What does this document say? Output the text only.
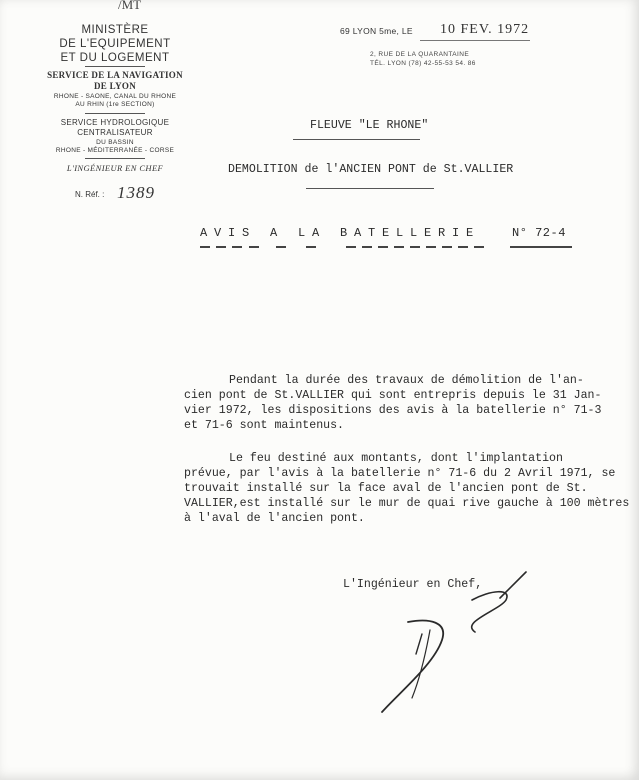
/MT
MINISTÈRE
DE L'EQUIPEMENT
ET DU LOGEMENT
SERVICE DE LA NAVIGATION
DE LYON
RHONE - SAONE, CANAL DU RHONE
AU RHIN (1re SECTION)
SERVICE HYDROLOGIQUE
CENTRALISATEUR
DU BASSIN
RHONE - MÉDITERRANÉE - CORSE
L'INGÉNIEUR EN CHEF
N. Réf. : 1389
69 LYON 5me, LE 10 FEV. 1972
2, RUE DE LA QUARANTAINE
TÉL. LYON (78) 42-55-53 54. 86
FLEUVE "LE RHONE"
DEMOLITION de l'ANCIEN PONT de St.VALLIER
AVIS A LA BATELLERIE	N° 72-4
Pendant la durée des travaux de démolition de l'an-
cien pont de St.VALLIER qui sont entrepris depuis le 31 Jan-
vier 1972, les dispositions des avis à la batellerie n° 71-3
et 71-6 sont maintenus.
Le feu destiné aux montants, dont l'implantation
prévue, par l'avis à la batellerie n° 71-6 du 2 Avril 1971, se
trouvait installé sur la face aval de l'ancien pont de St.
VALLIER,est installé sur le mur de quai rive gauche à 100 mètres
à l'aval de l'ancien pont.
L'Ingénieur en Chef,
